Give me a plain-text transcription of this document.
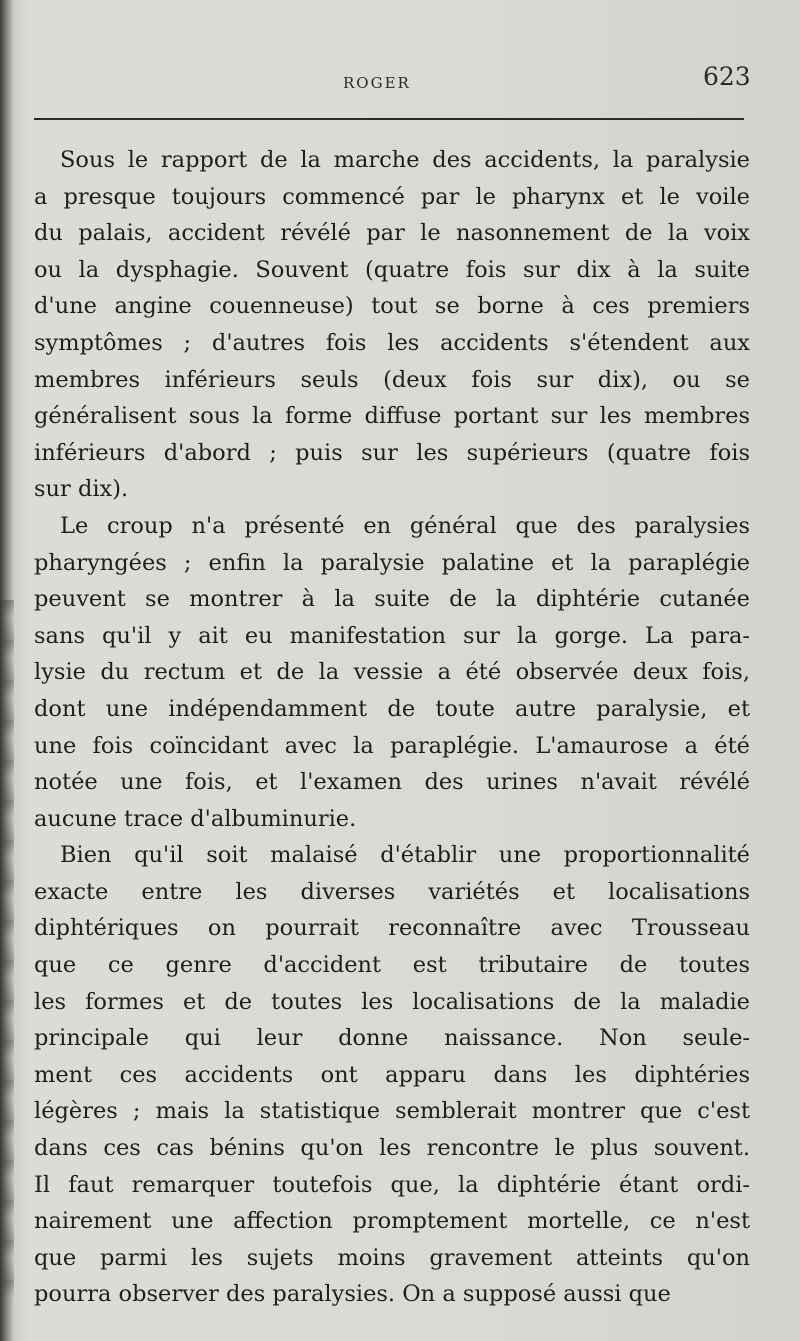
ROGER	623
Sous le rapport de la marche des accidents, la paralysie
a presque toujours commencé par le pharynx et le voile
du palais, accident révélé par le nasonnement de la voix
ou la dysphagie. Souvent (quatre fois sur dix à la suite
d'une angine couenneuse) tout se borne à ces premiers
symptômes ; d'autres fois les accidents s'étendent aux
membres inférieurs seuls (deux fois sur dix), ou se
généralisent sous la forme diffuse portant sur les membres
inférieurs d'abord ; puis sur les supérieurs (quatre fois
sur dix).
Le croup n'a présenté en général que des paralysies
pharyngées ; enfin la paralysie palatine et la paraplégie
peuvent se montrer à la suite de la diphtérie cutanée
sans qu'il y ait eu manifestation sur la gorge. La para-
lysie du rectum et de la vessie a été observée deux fois,
dont une indépendamment de toute autre paralysie, et
une fois coïncidant avec la paraplégie. L'amaurose a été
notée une fois, et l'examen des urines n'avait révélé
aucune trace d'albuminurie.
Bien qu'il soit malaisé d'établir une proportionnalité
exacte entre les diverses variétés et localisations
diphtériques on pourrait reconnaître avec Trousseau
que ce genre d'accident est tributaire de toutes
les formes et de toutes les localisations de la maladie
principale qui leur donne naissance. Non seule-
ment ces accidents ont apparu dans les diphtéries
légères ; mais la statistique semblerait montrer que c'est
dans ces cas bénins qu'on les rencontre le plus souvent.
Il faut remarquer toutefois que, la diphtérie étant ordi-
nairement une affection promptement mortelle, ce n'est
que parmi les sujets moins gravement atteints qu'on
pourra observer des paralysies. On a supposé aussi que
